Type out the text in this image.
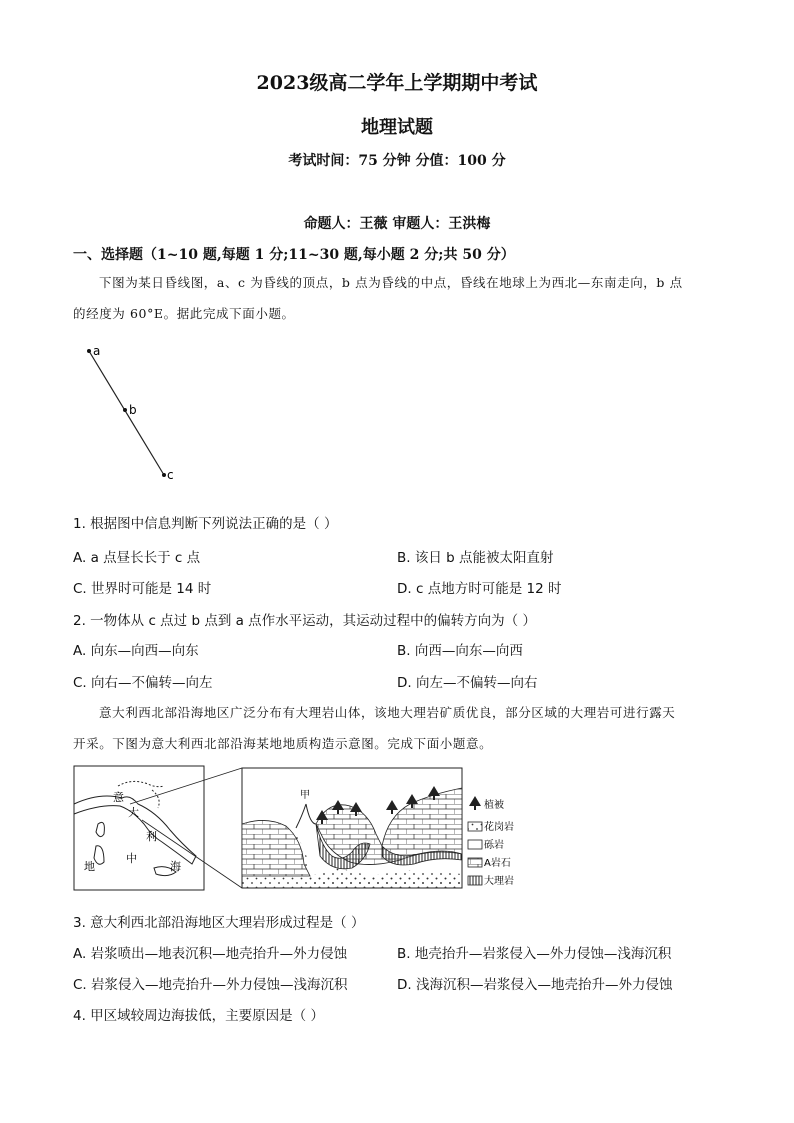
2023级高二学年上学期期中考试
地理试题
考试时间：75 分钟 分值：100 分
命题人：王薇 审题人：王洪梅
一、选择题（1~10 题,每题 1 分;11~30 题,每小题 2 分;共 50 分）
下图为某日昏线图，a、c 为昏线的顶点，b 点为昏线的中点，昏线在地球上为西北—东南走向，b 点
的经度为 60°E。据此完成下面小题。
a
b
c
1. 根据图中信息判断下列说法正确的是（ ）
A. a 点昼长长于 c 点	B. 该日 b 点能被太阳直射
C. 世界时可能是 14 时	D. c 点地方时可能是 12 时
2. 一物体从 c 点过 b 点到 a 点作水平运动，其运动过程中的偏转方向为（ ）
A. 向东—向西—向东	B. 向西—向东—向西
C. 向右—不偏转—向左	D. 向左—不偏转—向右
意大利西北部沿海地区广泛分布有大理岩山体，该地大理岩矿质优良，部分区域的大理岩可进行露天
开采。下图为意大利西北部沿海某地地质构造示意图。完成下面小题意。
意
大
利
地
中
海
甲
植被
花岗岩
砾岩
A岩石
大理岩
3. 意大利西北部沿海地区大理岩形成过程是（ ）
A. 岩浆喷出—地表沉积—地壳抬升—外力侵蚀	B. 地壳抬升—岩浆侵入—外力侵蚀—浅海沉积
C. 岩浆侵入—地壳抬升—外力侵蚀—浅海沉积	D. 浅海沉积—岩浆侵入—地壳抬升—外力侵蚀
4. 甲区域较周边海拔低，主要原因是（ ）
